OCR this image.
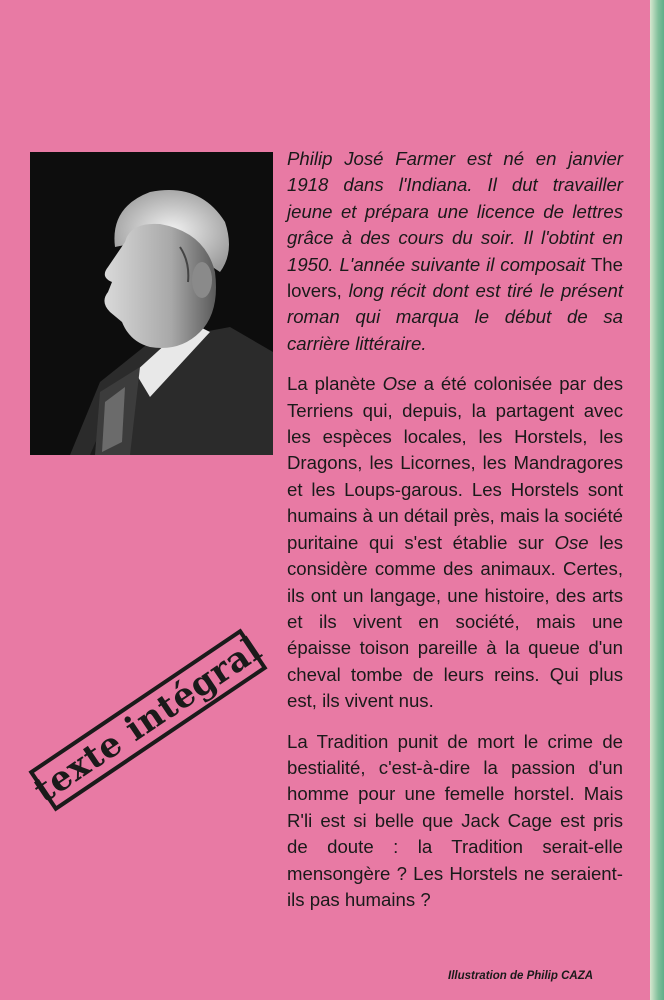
Philip José Farmer est né en janvier 1918 dans l'Indiana. Il dut travailler jeune et prépara une licence de lettres grâce à des cours du soir. Il l'obtint en 1950. L'année suivante il composait The lovers, long récit dont est tiré le présent roman qui marqua le début de sa carrière littéraire.

La planète Ose a été colonisée par des Terriens qui, depuis, la partagent avec les espèces locales, les Horstels, les Dragons, les Licornes, les Mandragores et les Loups-garous. Les Horstels sont humains à un détail près, mais la société puritaine qui s'est établie sur Ose les considère comme des animaux. Certes, ils ont un langage, une histoire, des arts et ils vivent en société, mais une épaisse toison pareille à la queue d'un cheval tombe de leurs reins. Qui plus est, ils vivent nus.

La Tradition punit de mort le crime de bestialité, c'est-à-dire la passion d'un homme pour une femelle horstel. Mais R'li est si belle que Jack Cage est pris de doute : la Tradition serait-elle mensongère ? Les Horstels ne seraient-ils pas humains ?

texte intégral
Illustration de Philip CAZA
